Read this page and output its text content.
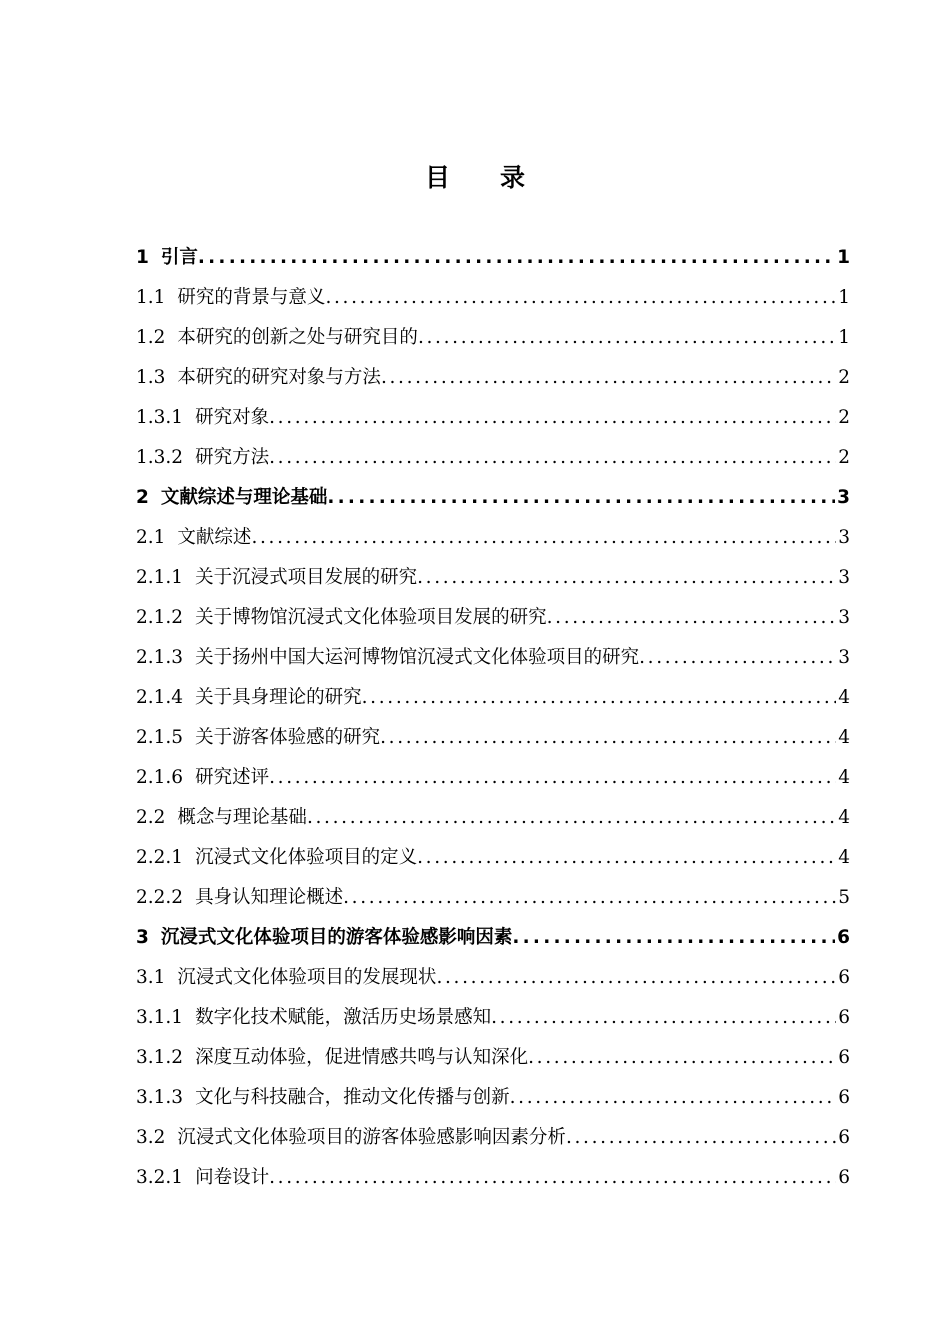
目 录
1 引言 . . .	1
1.1 研究的背景与意义 . . .	1
1.2 本研究的创新之处与研究目的 . . .	1
1.3 本研究的研究对象与方法 . . .	2
1.3.1 研究对象 . . .	2
1.3.2 研究方法 . . .	2
2 文献综述与理论基础 . . .	3
2.1 文献综述 . . .	3
2.1.1 关于沉浸式项目发展的研究 . . .	3
2.1.2 关于博物馆沉浸式文化体验项目发展的研究 . . .	3
2.1.3 关于扬州中国大运河博物馆沉浸式文化体验项目的研究 . . .	3
2.1.4 关于具身理论的研究 . . .	4
2.1.5 关于游客体验感的研究 . . .	4
2.1.6 研究述评 . . .	4
2.2 概念与理论基础 . . .	4
2.2.1 沉浸式文化体验项目的定义 . . .	4
2.2.2 具身认知理论概述 . . .	5
3 沉浸式文化体验项目的游客体验感影响因素 . . .	6
3.1 沉浸式文化体验项目的发展现状 . . .	6
3.1.1 数字化技术赋能，激活历史场景感知 . . .	6
3.1.2 深度互动体验，促进情感共鸣与认知深化 . . .	6
3.1.3 文化与科技融合，推动文化传播与创新 . . .	6
3.2 沉浸式文化体验项目的游客体验感影响因素分析 . . .	6
3.2.1 问卷设计 . . .	6
